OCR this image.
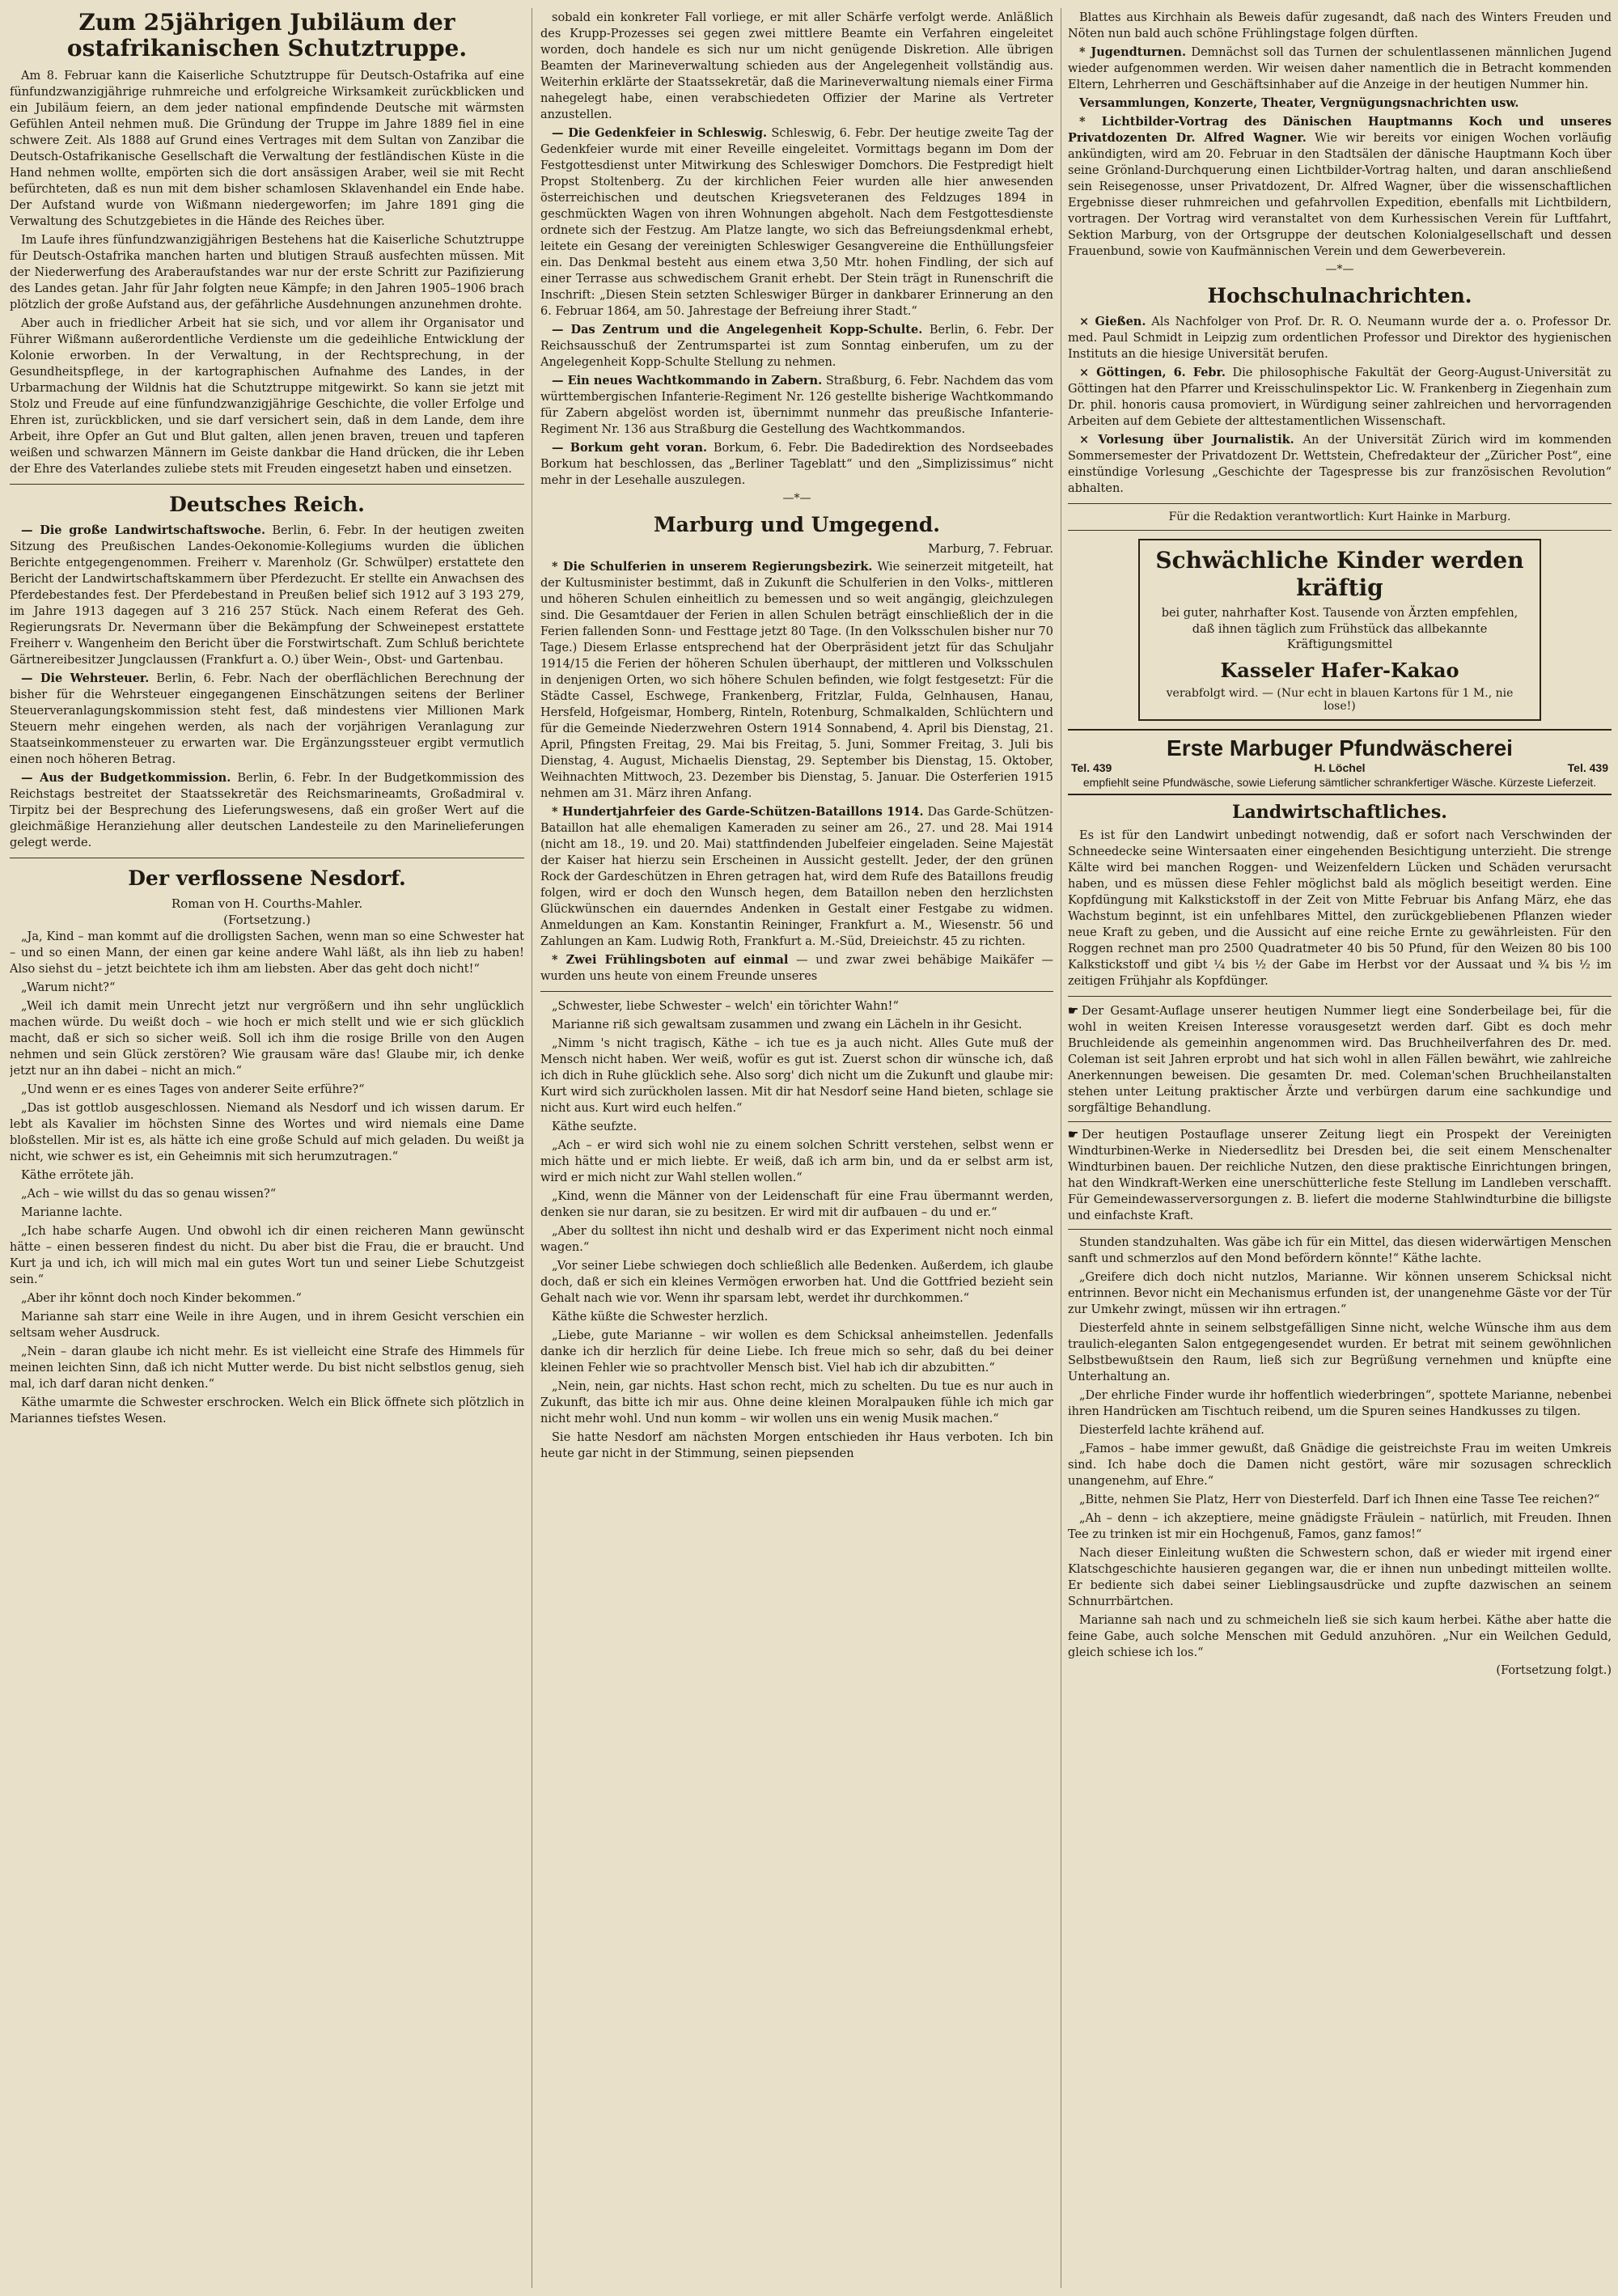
Zum 25jährigen Jubiläum der ostafrikanischen Schutztruppe.
Am 8. Februar kann die Kaiserliche Schutztruppe für Deutsch-Ostafrika auf eine fünfundzwanzigjährige ruhmreiche und erfolgreiche Wirksamkeit zurückblicken und ein Jubiläum feiern, an dem jeder national empfindende Deutsche mit wärmsten Gefühlen Anteil nehmen muß. Die Gründung der Truppe im Jahre 1889 fiel in eine schwere Zeit. Als 1888 auf Grund eines Vertrages mit dem Sultan von Zanzibar die Deutsch-Ostafrikanische Gesellschaft die Verwaltung der festländischen Küste in die Hand nehmen wollte, empörten sich die dort ansässigen Araber, weil sie mit Recht befürchteten, daß es nun mit dem bisher schamlosen Sklavenhandel ein Ende habe. Der Aufstand wurde von Wißmann niedergeworfen; im Jahre 1891 ging die Verwaltung des Schutzgebietes in die Hände des Reiches über.
Im Laufe ihres fünfundzwanzigjährigen Bestehens hat die Kaiserliche Schutztruppe für Deutsch-Ostafrika manchen harten und blutigen Strauß ausfechten müssen. Mit der Niederwerfung des Araberaufstandes war nur der erste Schritt zur Pazifizierung des Landes getan. Jahr für Jahr folgten neue Kämpfe; in den Jahren 1905–1906 brach plötzlich der große Aufstand aus, der gefährliche Ausdehnungen anzunehmen drohte.
Aber auch in friedlicher Arbeit hat sie sich, und vor allem ihr Organisator und Führer Wißmann außerordentliche Verdienste um die gedeihliche Entwicklung der Kolonie erworben. In der Verwaltung, in der Rechtsprechung, in der Gesundheitspflege, in der kartographischen Aufnahme des Landes, in der Urbarmachung der Wildnis hat die Schutztruppe mitgewirkt. So kann sie jetzt mit Stolz und Freude auf eine fünfundzwanzigjährige Geschichte, die voller Erfolge und Ehren ist, zurückblicken, und sie darf versichert sein, daß in dem Lande, dem ihre Arbeit, ihre Opfer an Gut und Blut galten, allen jenen braven, treuen und tapferen weißen und schwarzen Männern im Geiste dankbar die Hand drücken, die ihr Leben der Ehre des Vaterlandes zuliebe stets mit Freuden eingesetzt haben und einsetzen.
Deutsches Reich.
— Die große Landwirtschaftswoche. Berlin, 6. Febr. In der heutigen zweiten Sitzung des Preußischen Landes-Oekonomie-Kollegiums wurden die üblichen Berichte entgegengenommen. Freiherr v. Marenholz (Gr. Schwülper) erstattete den Bericht der Landwirtschaftskammern über Pferdezucht. Er stellte ein Anwachsen des Pferdebestandes fest. Der Pferdebestand in Preußen belief sich 1912 auf 3 193 279, im Jahre 1913 dagegen auf 3 216 257 Stück. Nach einem Referat des Geh. Regierungsrats Dr. Nevermann über die Bekämpfung der Schweinepest erstattete Freiherr v. Wangenheim den Bericht über die Forstwirtschaft. Zum Schluß berichtete Gärtnereibesitzer Jungclaussen (Frankfurt a. O.) über Wein-, Obst- und Gartenbau.
— Die Wehrsteuer. Berlin, 6. Febr. Nach der oberflächlichen Berechnung der bisher für die Wehrsteuer eingegangenen Einschätzungen seitens der Berliner Steuerveranlagungskommission steht fest, daß mindestens vier Millionen Mark Steuern mehr eingehen werden, als nach der vorjährigen Veranlagung zur Staatseinkommensteuer zu erwarten war. Die Ergänzungssteuer ergibt vermutlich einen noch höheren Betrag.
— Aus der Budgetkommission. Berlin, 6. Febr. In der Budgetkommission des Reichstags bestreitet der Staatssekretär des Reichsmarineamts, Großadmiral v. Tirpitz bei der Besprechung des Lieferungswesens, daß ein großer Wert auf die gleichmäßige Heranziehung aller deutschen Landesteile zu den Marinelieferungen gelegt werde.
Der verflossene Nesdorf.
Roman von H. Courths-Mahler.
(Fortsetzung.)
„Ja, Kind – man kommt auf die drolligsten Sachen, wenn man so eine Schwester hat – und so einen Mann, der einen gar keine andere Wahl läßt, als ihn lieb zu haben! Also siehst du – jetzt beichtete ich ihm am liebsten. Aber das geht doch nicht!“
„Warum nicht?“
„Weil ich damit mein Unrecht jetzt nur vergrößern und ihn sehr unglücklich machen würde. Du weißt doch – wie hoch er mich stellt und wie er sich glücklich macht, daß er sich so sicher weiß. Soll ich ihm die rosige Brille von den Augen nehmen und sein Glück zerstören? Wie grausam wäre das! Glaube mir, ich denke jetzt nur an ihn dabei – nicht an mich.“
„Und wenn er es eines Tages von anderer Seite erführe?“
„Das ist gottlob ausgeschlossen. Niemand als Nesdorf und ich wissen darum. Er lebt als Kavalier im höchsten Sinne des Wortes und wird niemals eine Dame bloßstellen. Mir ist es, als hätte ich eine große Schuld auf mich geladen. Du weißt ja nicht, wie schwer es ist, ein Geheimnis mit sich herumzutragen.“
Käthe errötete jäh.
„Ach – wie willst du das so genau wissen?“
Marianne lachte.
„Ich habe scharfe Augen. Und obwohl ich dir einen reicheren Mann gewünscht hätte – einen besseren findest du nicht. Du aber bist die Frau, die er braucht. Und Kurt ja und ich, ich will mich mal ein gutes Wort tun und seiner Liebe Schutzgeist sein.“
„Aber ihr könnt doch noch Kinder bekommen.“
Marianne sah starr eine Weile in ihre Augen, und in ihrem Gesicht verschien ein seltsam weher Ausdruck.
„Nein – daran glaube ich nicht mehr. Es ist vielleicht eine Strafe des Himmels für meinen leichten Sinn, daß ich nicht Mutter werde. Du bist nicht selbstlos genug, sieh mal, ich darf daran nicht denken.“
Käthe umarmte die Schwester erschrocken. Welch ein Blick öffnete sich plötzlich in Mariannes tiefstes Wesen.
sobald ein konkreter Fall vorliege, er mit aller Schärfe verfolgt werde. Anläßlich des Krupp-Prozesses sei gegen zwei mittlere Beamte ein Verfahren eingeleitet worden, doch handele es sich nur um nicht genügende Diskretion. Alle übrigen Beamten der Marineverwaltung schieden aus der Angelegenheit vollständig aus. Weiterhin erklärte der Staatssekretär, daß die Marineverwaltung niemals einer Firma nahegelegt habe, einen verabschiedeten Offizier der Marine als Vertreter anzustellen.
— Die Gedenkfeier in Schleswig. Schleswig, 6. Febr. Der heutige zweite Tag der Gedenkfeier wurde mit einer Reveille eingeleitet. Vormittags begann im Dom der Festgottesdienst unter Mitwirkung des Schleswiger Domchors. Die Festpredigt hielt Propst Stoltenberg. Zu der kirchlichen Feier wurden alle hier anwesenden österreichischen und deutschen Kriegsveteranen des Feldzuges 1894 in geschmückten Wagen von ihren Wohnungen abgeholt. Nach dem Festgottesdienste ordnete sich der Festzug. Am Platze langte, wo sich das Befreiungsdenkmal erhebt, leitete ein Gesang der vereinigten Schleswiger Gesangvereine die Enthüllungsfeier ein. Das Denkmal besteht aus einem etwa 3,50 Mtr. hohen Findling, der sich auf einer Terrasse aus schwedischem Granit erhebt. Der Stein trägt in Runenschrift die Inschrift: „Diesen Stein setzten Schleswiger Bürger in dankbarer Erinnerung an den 6. Februar 1864, am 50. Jahrestage der Befreiung ihrer Stadt.“
— Das Zentrum und die Angelegenheit Kopp-Schulte. Berlin, 6. Febr. Der Reichsausschuß der Zentrumspartei ist zum Sonntag einberufen, um zu der Angelegenheit Kopp-Schulte Stellung zu nehmen.
— Ein neues Wachtkommando in Zabern. Straßburg, 6. Febr. Nachdem das vom württembergischen Infanterie-Regiment Nr. 126 gestellte bisherige Wachtkommando für Zabern abgelöst worden ist, übernimmt nunmehr das preußische Infanterie-Regiment Nr. 136 aus Straßburg die Gestellung des Wachtkommandos.
— Borkum geht voran. Borkum, 6. Febr. Die Badedirektion des Nordseebades Borkum hat beschlossen, das „Berliner Tageblatt“ und den „Simplizissimus“ nicht mehr in der Lesehalle auszulegen.
—*—
Marburg und Umgegend.
Marburg, 7. Februar.
* Die Schulferien in unserem Regierungsbezirk. Wie seinerzeit mitgeteilt, hat der Kultusminister bestimmt, daß in Zukunft die Schulferien in den Volks-, mittleren und höheren Schulen einheitlich zu bemessen und so weit angängig, gleichzulegen sind. Die Gesamtdauer der Ferien in allen Schulen beträgt einschließlich der in die Ferien fallenden Sonn- und Festtage jetzt 80 Tage. (In den Volksschulen bisher nur 70 Tage.) Diesem Erlasse entsprechend hat der Oberpräsident jetzt für das Schuljahr 1914/15 die Ferien der höheren Schulen überhaupt, der mittleren und Volksschulen in denjenigen Orten, wo sich höhere Schulen befinden, wie folgt festgesetzt: Für die Städte Cassel, Eschwege, Frankenberg, Fritzlar, Fulda, Gelnhausen, Hanau, Hersfeld, Hofgeismar, Homberg, Rinteln, Rotenburg, Schmalkalden, Schlüchtern und für die Gemeinde Niederzwehren Ostern 1914 Sonnabend, 4. April bis Dienstag, 21. April, Pfingsten Freitag, 29. Mai bis Freitag, 5. Juni, Sommer Freitag, 3. Juli bis Dienstag, 4. August, Michaelis Dienstag, 29. September bis Dienstag, 15. Oktober, Weihnachten Mittwoch, 23. Dezember bis Dienstag, 5. Januar. Die Osterferien 1915 nehmen am 31. März ihren Anfang.
* Hundertjahrfeier des Garde-Schützen-Bataillons 1914. Das Garde-Schützen-Bataillon hat alle ehemaligen Kameraden zu seiner am 26., 27. und 28. Mai 1914 (nicht am 18., 19. und 20. Mai) stattfindenden Jubelfeier eingeladen. Seine Majestät der Kaiser hat hierzu sein Erscheinen in Aussicht gestellt. Jeder, der den grünen Rock der Gardeschützen in Ehren getragen hat, wird dem Rufe des Bataillons freudig folgen, wird er doch den Wunsch hegen, dem Bataillon neben den herzlichsten Glückwünschen ein dauerndes Andenken in Gestalt einer Festgabe zu widmen. Anmeldungen an Kam. Konstantin Reininger, Frankfurt a. M., Wiesenstr. 56 und Zahlungen an Kam. Ludwig Roth, Frankfurt a. M.-Süd, Dreieichstr. 45 zu richten.
* Zwei Frühlingsboten auf einmal — und zwar zwei behäbige Maikäfer — wurden uns heute von einem Freunde unseres
„Schwester, liebe Schwester – welch' ein törichter Wahn!“
Marianne riß sich gewaltsam zusammen und zwang ein Lächeln in ihr Gesicht.
„Nimm 's nicht tragisch, Käthe – ich tue es ja auch nicht. Alles Gute muß der Mensch nicht haben. Wer weiß, wofür es gut ist. Zuerst schon dir wünsche ich, daß ich dich in Ruhe glücklich sehe. Also sorg' dich nicht um die Zukunft und glaube mir: Kurt wird sich zurückholen lassen. Mit dir hat Nesdorf seine Hand bieten, schlage sie nicht aus. Kurt wird euch helfen.“
Käthe seufzte.
„Ach – er wird sich wohl nie zu einem solchen Schritt verstehen, selbst wenn er mich hätte und er mich liebte. Er weiß, daß ich arm bin, und da er selbst arm ist, wird er mich nicht zur Wahl stellen wollen.“
„Kind, wenn die Männer von der Leidenschaft für eine Frau übermannt werden, denken sie nur daran, sie zu besitzen. Er wird mit dir aufbauen – du und er.“
„Aber du solltest ihn nicht und deshalb wird er das Experiment nicht noch einmal wagen.“
„Vor seiner Liebe schwiegen doch schließlich alle Bedenken. Außerdem, ich glaube doch, daß er sich ein kleines Vermögen erworben hat. Und die Gottfried bezieht sein Gehalt nach wie vor. Wenn ihr sparsam lebt, werdet ihr durchkommen.“
Käthe küßte die Schwester herzlich.
„Liebe, gute Marianne – wir wollen es dem Schicksal anheimstellen. Jedenfalls danke ich dir herzlich für deine Liebe. Ich freue mich so sehr, daß du bei deiner kleinen Fehler wie so prachtvoller Mensch bist. Viel hab ich dir abzubitten.“
„Nein, nein, gar nichts. Hast schon recht, mich zu schelten. Du tue es nur auch in Zukunft, das bitte ich mir aus. Ohne deine kleinen Moralpauken fühle ich mich gar nicht mehr wohl. Und nun komm – wir wollen uns ein wenig Musik machen.“
Sie hatte Nesdorf am nächsten Morgen entschieden ihr Haus verboten. Ich bin heute gar nicht in der Stimmung, seinen piepsenden
Blattes aus Kirchhain als Beweis dafür zugesandt, daß nach des Winters Freuden und Nöten nun bald auch schöne Frühlingstage folgen dürften.
* Jugendturnen. Demnächst soll das Turnen der schulentlassenen männlichen Jugend wieder aufgenommen werden. Wir weisen daher namentlich die in Betracht kommenden Eltern, Lehrherren und Geschäftsinhaber auf die Anzeige in der heutigen Nummer hin.
Versammlungen, Konzerte, Theater, Vergnügungsnachrichten usw.
* Lichtbilder-Vortrag des Dänischen Hauptmanns Koch und unseres Privatdozenten Dr. Alfred Wagner. Wie wir bereits vor einigen Wochen vorläufig ankündigten, wird am 20. Februar in den Stadtsälen der dänische Hauptmann Koch über seine Grönland-Durchquerung einen Lichtbilder-Vortrag halten, und daran anschließend sein Reisegenosse, unser Privatdozent, Dr. Alfred Wagner, über die wissenschaftlichen Ergebnisse dieser ruhmreichen und gefahrvollen Expedition, ebenfalls mit Lichtbildern, vortragen. Der Vortrag wird veranstaltet von dem Kurhessischen Verein für Luftfahrt, Sektion Marburg, von der Ortsgruppe der deutschen Kolonialgesellschaft und dessen Frauenbund, sowie von Kaufmännischen Verein und dem Gewerbeverein.
—*—
Hochschulnachrichten.
× Gießen. Als Nachfolger von Prof. Dr. R. O. Neumann wurde der a. o. Professor Dr. med. Paul Schmidt in Leipzig zum ordentlichen Professor und Direktor des hygienischen Instituts an die hiesige Universität berufen.
× Göttingen, 6. Febr. Die philosophische Fakultät der Georg-August-Universität zu Göttingen hat den Pfarrer und Kreisschulinspektor Lic. W. Frankenberg in Ziegenhain zum Dr. phil. honoris causa promoviert, in Würdigung seiner zahlreichen und hervorragenden Arbeiten auf dem Gebiete der alttestamentlichen Wissenschaft.
× Vorlesung über Journalistik. An der Universität Zürich wird im kommenden Sommersemester der Privatdozent Dr. Wettstein, Chefredakteur der „Züricher Post“, eine einstündige Vorlesung „Geschichte der Tagespresse bis zur französischen Revolution“ abhalten.
Für die Redaktion verantwortlich: Kurt Hainke in Marburg.
Schwächliche Kinder werden kräftig
bei guter, nahrhafter Kost. Tausende von Ärzten empfehlen, daß ihnen täglich zum Frühstück das allbekannte Kräftigungsmittel
Kasseler Hafer-Kakao
verabfolgt wird. — (Nur echt in blauen Kartons für 1 M., nie lose!)
Erste Marbuger Pfundwäscherei
Tel. 439	H. Löchel	Tel. 439
empfiehlt seine Pfundwäsche, sowie Lieferung sämtlicher schrankfertiger Wäsche. Kürzeste Lieferzeit.
Landwirtschaftliches.
Es ist für den Landwirt unbedingt notwendig, daß er sofort nach Verschwinden der Schneedecke seine Wintersaaten einer eingehenden Besichtigung unterzieht. Die strenge Kälte wird bei manchen Roggen- und Weizenfeldern Lücken und Schäden verursacht haben, und es müssen diese Fehler möglichst bald als möglich beseitigt werden. Eine Kopfdüngung mit Kalkstickstoff in der Zeit von Mitte Februar bis Anfang März, ehe das Wachstum beginnt, ist ein unfehlbares Mittel, den zurückgebliebenen Pflanzen wieder neue Kraft zu geben, und die Aussicht auf eine reiche Ernte zu gewährleisten. Für den Roggen rechnet man pro 2500 Quadratmeter 40 bis 50 Pfund, für den Weizen 80 bis 100 Kalkstickstoff und gibt ¼ bis ½ der Gabe im Herbst vor der Aussaat und ¾ bis ½ im zeitigen Frühjahr als Kopfdünger.
☛ Der Gesamt-Auflage unserer heutigen Nummer liegt eine Sonderbeilage bei, für die wohl in weiten Kreisen Interesse vorausgesetzt werden darf. Gibt es doch mehr Bruchleidende als gemeinhin angenommen wird. Das Bruchheilverfahren des Dr. med. Coleman ist seit Jahren erprobt und hat sich wohl in allen Fällen bewährt, wie zahlreiche Anerkennungen beweisen. Die gesamten Dr. med. Coleman'schen Bruchheilanstalten stehen unter Leitung praktischer Ärzte und verbürgen darum eine sachkundige und sorgfältige Behandlung.
☛ Der heutigen Postauflage unserer Zeitung liegt ein Prospekt der Vereinigten Windturbinen-Werke in Niedersedlitz bei Dresden bei, die seit einem Menschenalter Windturbinen bauen. Der reichliche Nutzen, den diese praktische Einrichtungen bringen, hat den Windkraft-Werken eine unerschütterliche feste Stellung im Landleben verschafft. Für Gemeindewasserversorgungen z. B. liefert die moderne Stahlwindturbine die billigste und einfachste Kraft.
Stunden standzuhalten. Was gäbe ich für ein Mittel, das diesen widerwärtigen Menschen sanft und schmerzlos auf den Mond befördern könnte!“ Käthe lachte.
„Greifere dich doch nicht nutzlos, Marianne. Wir können unserem Schicksal nicht entrinnen. Bevor nicht ein Mechanismus erfunden ist, der unangenehme Gäste vor der Tür zur Umkehr zwingt, müssen wir ihn ertragen.“
Diesterfeld ahnte in seinem selbstgefälligen Sinne nicht, welche Wünsche ihm aus dem traulich-eleganten Salon entgegengesendet wurden. Er betrat mit seinem gewöhnlichen Selbstbewußtsein den Raum, ließ sich zur Begrüßung vernehmen und knüpfte eine Unterhaltung an.
„Der ehrliche Finder wurde ihr hoffentlich wiederbringen“, spottete Marianne, nebenbei ihren Handrücken am Tischtuch reibend, um die Spuren seines Handkusses zu tilgen.
Diesterfeld lachte krähend auf.
„Famos – habe immer gewußt, daß Gnädige die geistreichste Frau im weiten Umkreis sind. Ich habe doch die Damen nicht gestört, wäre mir sozusagen schrecklich unangenehm, auf Ehre.“
„Bitte, nehmen Sie Platz, Herr von Diesterfeld. Darf ich Ihnen eine Tasse Tee reichen?“
„Ah – denn – ich akzeptiere, meine gnädigste Fräulein – natürlich, mit Freuden. Ihnen Tee zu trinken ist mir ein Hochgenuß, Famos, ganz famos!“
Nach dieser Einleitung wußten die Schwestern schon, daß er wieder mit irgend einer Klatschgeschichte hausieren gegangen war, die er ihnen nun unbedingt mitteilen wollte. Er bediente sich dabei seiner Lieblingsausdrücke und zupfte dazwischen an seinem Schnurrbärtchen.
Marianne sah nach und zu schmeicheln ließ sie sich kaum herbei. Käthe aber hatte die feine Gabe, auch solche Menschen mit Geduld anzuhören. „Nur ein Weilchen Geduld, gleich schiese ich los.“
(Fortsetzung folgt.)
